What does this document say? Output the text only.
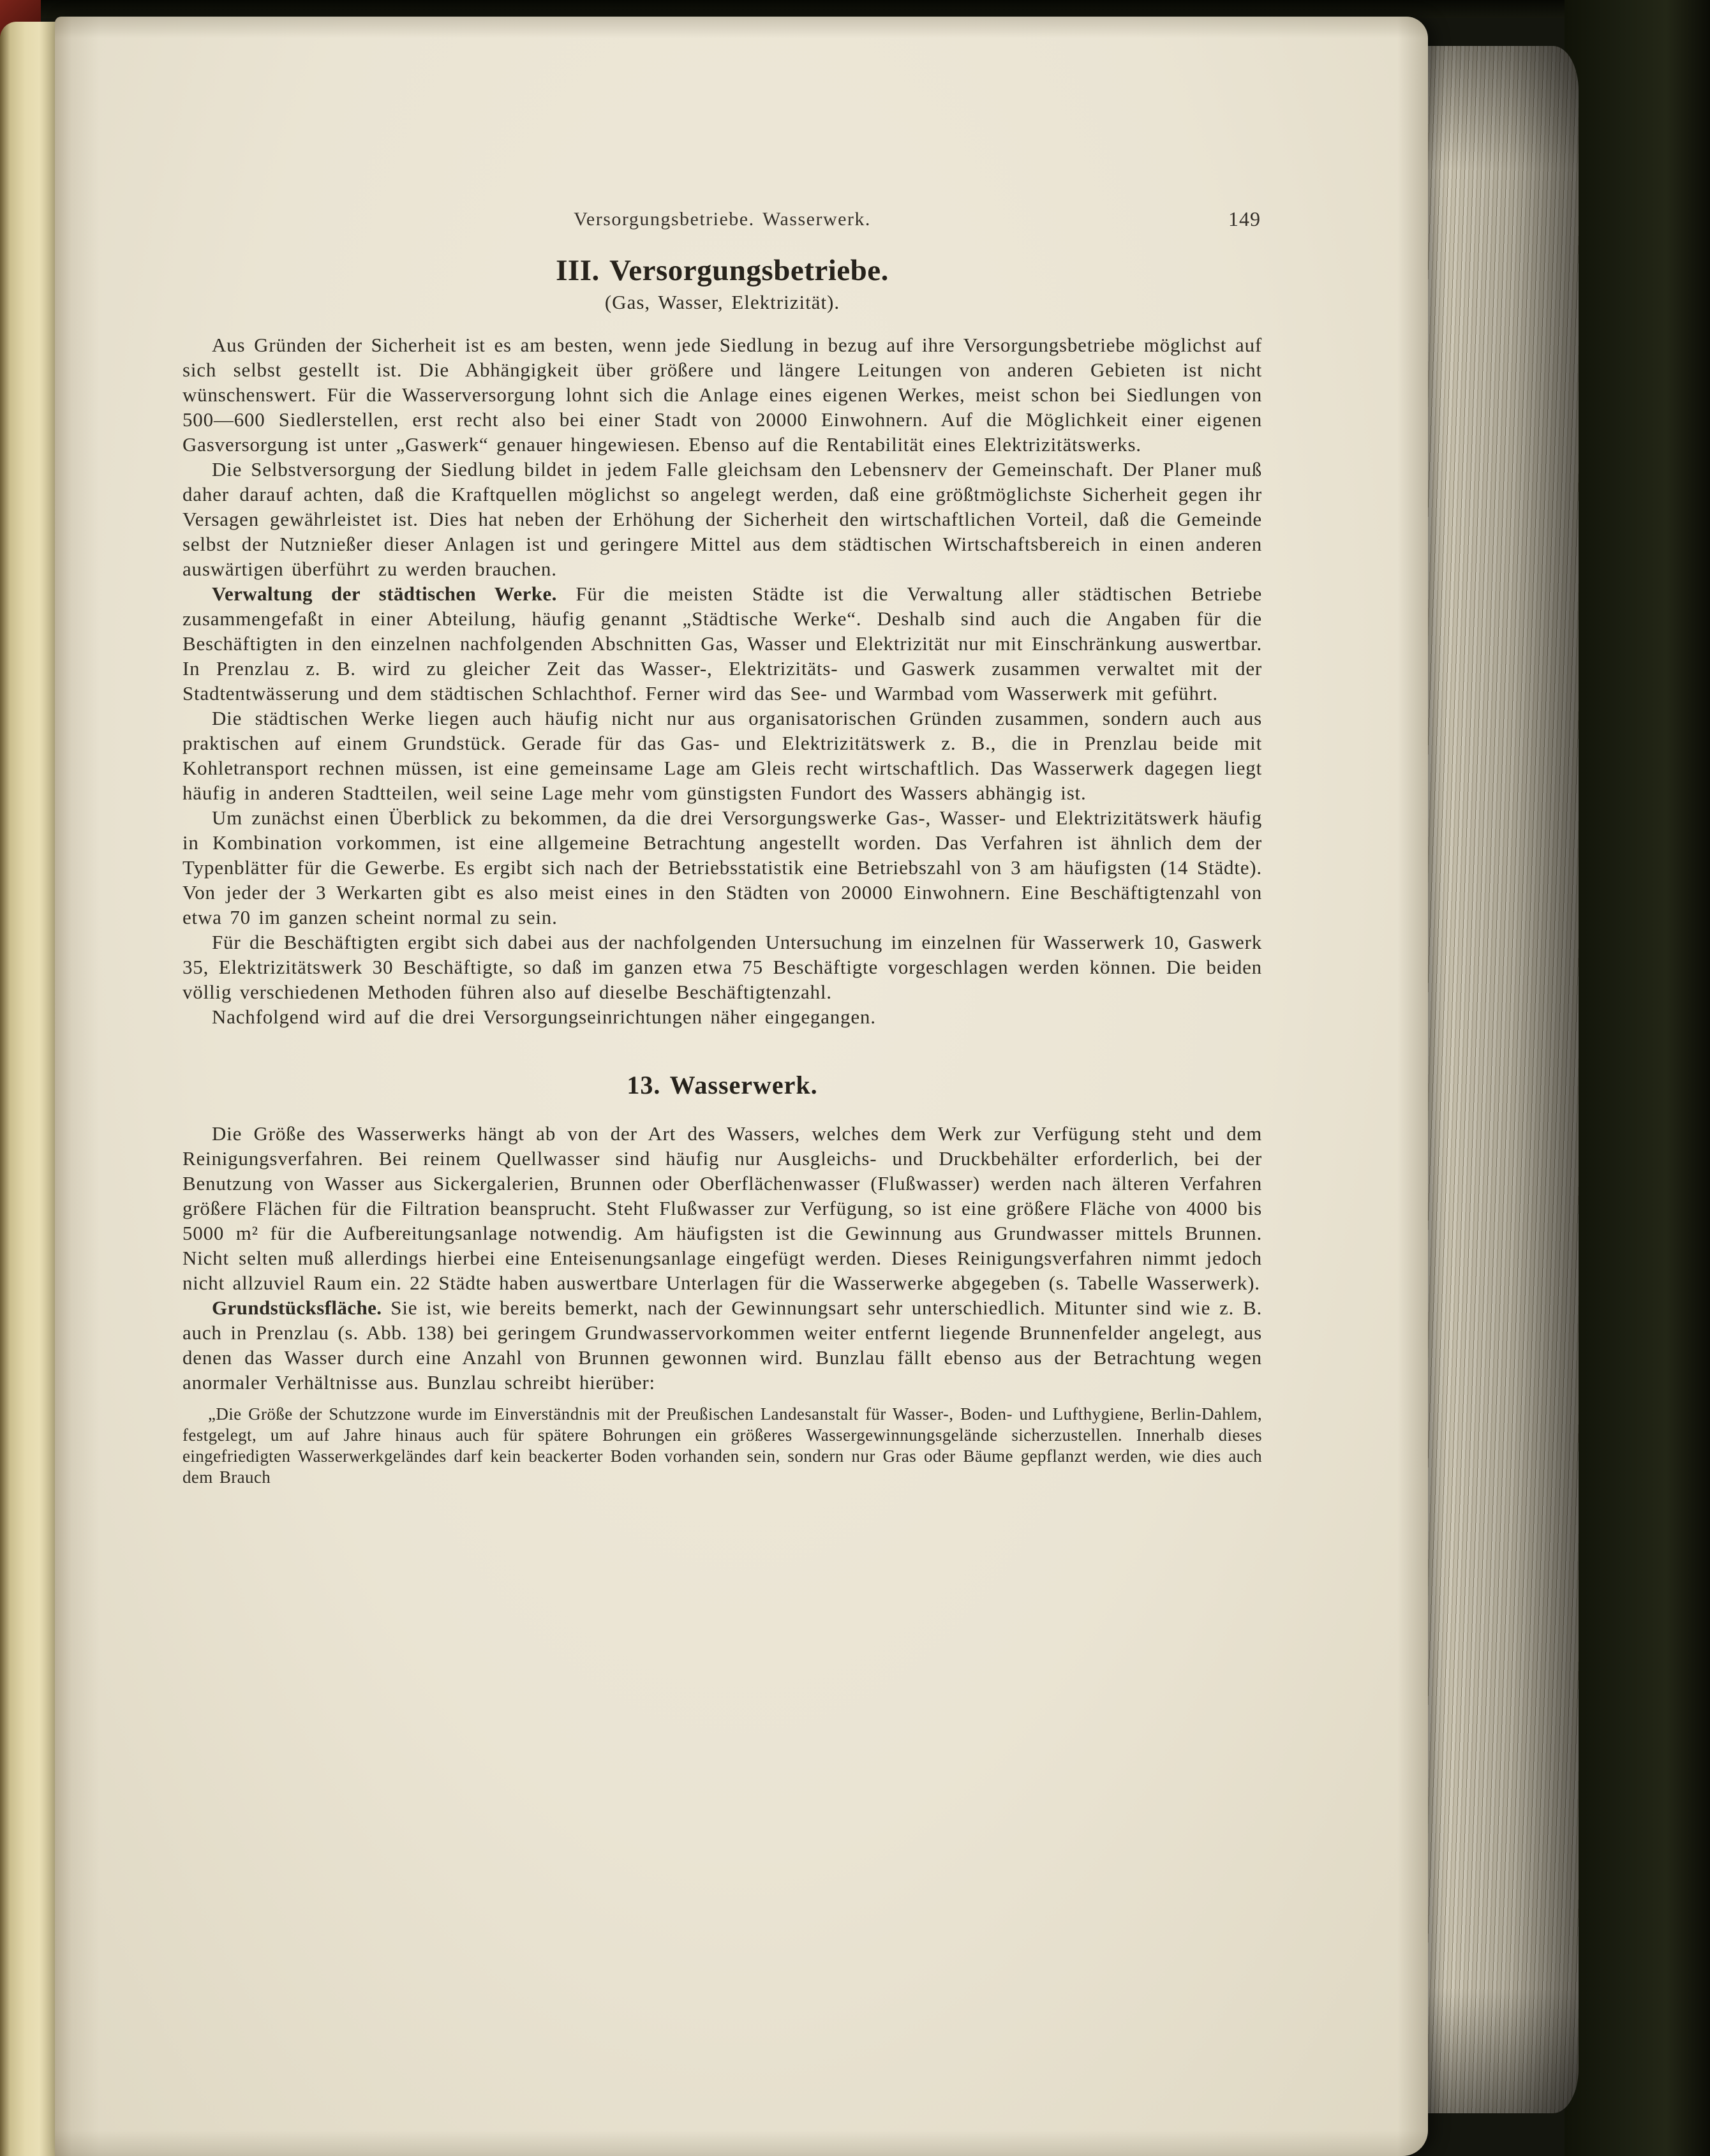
Versorgungsbetriebe. Wasserwerk.	149
III. Versorgungsbetriebe.
(Gas, Wasser, Elektrizität).

Aus Gründen der Sicherheit ist es am besten, wenn jede Siedlung in bezug auf ihre Versorgungsbetriebe möglichst auf sich selbst gestellt ist. Die Abhängigkeit über größere und längere Leitungen von anderen Gebieten ist nicht wünschenswert. Für die Wasserversorgung lohnt sich die Anlage eines eigenen Werkes, meist schon bei Siedlungen von 500—600 Siedlerstellen, erst recht also bei einer Stadt von 20000 Einwohnern. Auf die Möglichkeit einer eigenen Gasversorgung ist unter „Gaswerk“ genauer hingewiesen. Ebenso auf die Rentabilität eines Elektrizitätswerks.

Die Selbstversorgung der Siedlung bildet in jedem Falle gleichsam den Lebensnerv der Gemeinschaft. Der Planer muß daher darauf achten, daß die Kraftquellen möglichst so angelegt werden, daß eine größtmöglichste Sicherheit gegen ihr Versagen gewährleistet ist. Dies hat neben der Erhöhung der Sicherheit den wirtschaftlichen Vorteil, daß die Gemeinde selbst der Nutznießer dieser Anlagen ist und geringere Mittel aus dem städtischen Wirtschaftsbereich in einen anderen auswärtigen überführt zu werden brauchen.

Verwaltung der städtischen Werke. Für die meisten Städte ist die Verwaltung aller städtischen Betriebe zusammengefaßt in einer Abteilung, häufig genannt „Städtische Werke“. Deshalb sind auch die Angaben für die Beschäftigten in den einzelnen nachfolgenden Abschnitten Gas, Wasser und Elektrizität nur mit Einschränkung auswertbar. In Prenzlau z. B. wird zu gleicher Zeit das Wasser-, Elektrizitäts- und Gaswerk zusammen verwaltet mit der Stadtentwässerung und dem städtischen Schlachthof. Ferner wird das See- und Warmbad vom Wasserwerk mit geführt.

Die städtischen Werke liegen auch häufig nicht nur aus organisatorischen Gründen zusammen, sondern auch aus praktischen auf einem Grundstück. Gerade für das Gas- und Elektrizitätswerk z. B., die in Prenzlau beide mit Kohletransport rechnen müssen, ist eine gemeinsame Lage am Gleis recht wirtschaftlich. Das Wasserwerk dagegen liegt häufig in anderen Stadtteilen, weil seine Lage mehr vom günstigsten Fundort des Wassers abhängig ist.

Um zunächst einen Überblick zu bekommen, da die drei Versorgungswerke Gas-, Wasser- und Elektrizitätswerk häufig in Kombination vorkommen, ist eine allgemeine Betrachtung angestellt worden. Das Verfahren ist ähnlich dem der Typenblätter für die Gewerbe. Es ergibt sich nach der Betriebsstatistik eine Betriebszahl von 3 am häufigsten (14 Städte). Von jeder der 3 Werkarten gibt es also meist eines in den Städten von 20000 Einwohnern. Eine Beschäftigtenzahl von etwa 70 im ganzen scheint normal zu sein.

Für die Beschäftigten ergibt sich dabei aus der nachfolgenden Untersuchung im einzelnen für Wasserwerk 10, Gaswerk 35, Elektrizitätswerk 30 Beschäftigte, so daß im ganzen etwa 75 Beschäftigte vorgeschlagen werden können. Die beiden völlig verschiedenen Methoden führen also auf dieselbe Beschäftigtenzahl.

Nachfolgend wird auf die drei Versorgungseinrichtungen näher eingegangen.

13. Wasserwerk.

Die Größe des Wasserwerks hängt ab von der Art des Wassers, welches dem Werk zur Verfügung steht und dem Reinigungsverfahren. Bei reinem Quellwasser sind häufig nur Ausgleichs- und Druckbehälter erforderlich, bei der Benutzung von Wasser aus Sickergalerien, Brunnen oder Oberflächenwasser (Flußwasser) werden nach älteren Verfahren größere Flächen für die Filtration beansprucht. Steht Flußwasser zur Verfügung, so ist eine größere Fläche von 4000 bis 5000 m² für die Aufbereitungsanlage notwendig. Am häufigsten ist die Gewinnung aus Grundwasser mittels Brunnen. Nicht selten muß allerdings hierbei eine Enteisenungsanlage eingefügt werden. Dieses Reinigungsverfahren nimmt jedoch nicht allzuviel Raum ein. 22 Städte haben auswertbare Unterlagen für die Wasserwerke abgegeben (s. Tabelle Wasserwerk).

Grundstücksfläche. Sie ist, wie bereits bemerkt, nach der Gewinnungsart sehr unterschiedlich. Mitunter sind wie z. B. auch in Prenzlau (s. Abb. 138) bei geringem Grundwasservorkommen weiter entfernt liegende Brunnenfelder angelegt, aus denen das Wasser durch eine Anzahl von Brunnen gewonnen wird. Bunzlau fällt ebenso aus der Betrachtung wegen anormaler Verhältnisse aus. Bunzlau schreibt hierüber:

„Die Größe der Schutzzone wurde im Einverständnis mit der Preußischen Landesanstalt für Wasser-, Boden- und Lufthygiene, Berlin-Dahlem, festgelegt, um auf Jahre hinaus auch für spätere Bohrungen ein größeres Wassergewinnungsgelände sicherzustellen. Innerhalb dieses eingefriedigten Wasserwerkgeländes darf kein beackerter Boden vorhanden sein, sondern nur Gras oder Bäume gepflanzt werden, wie dies auch dem Brauch
